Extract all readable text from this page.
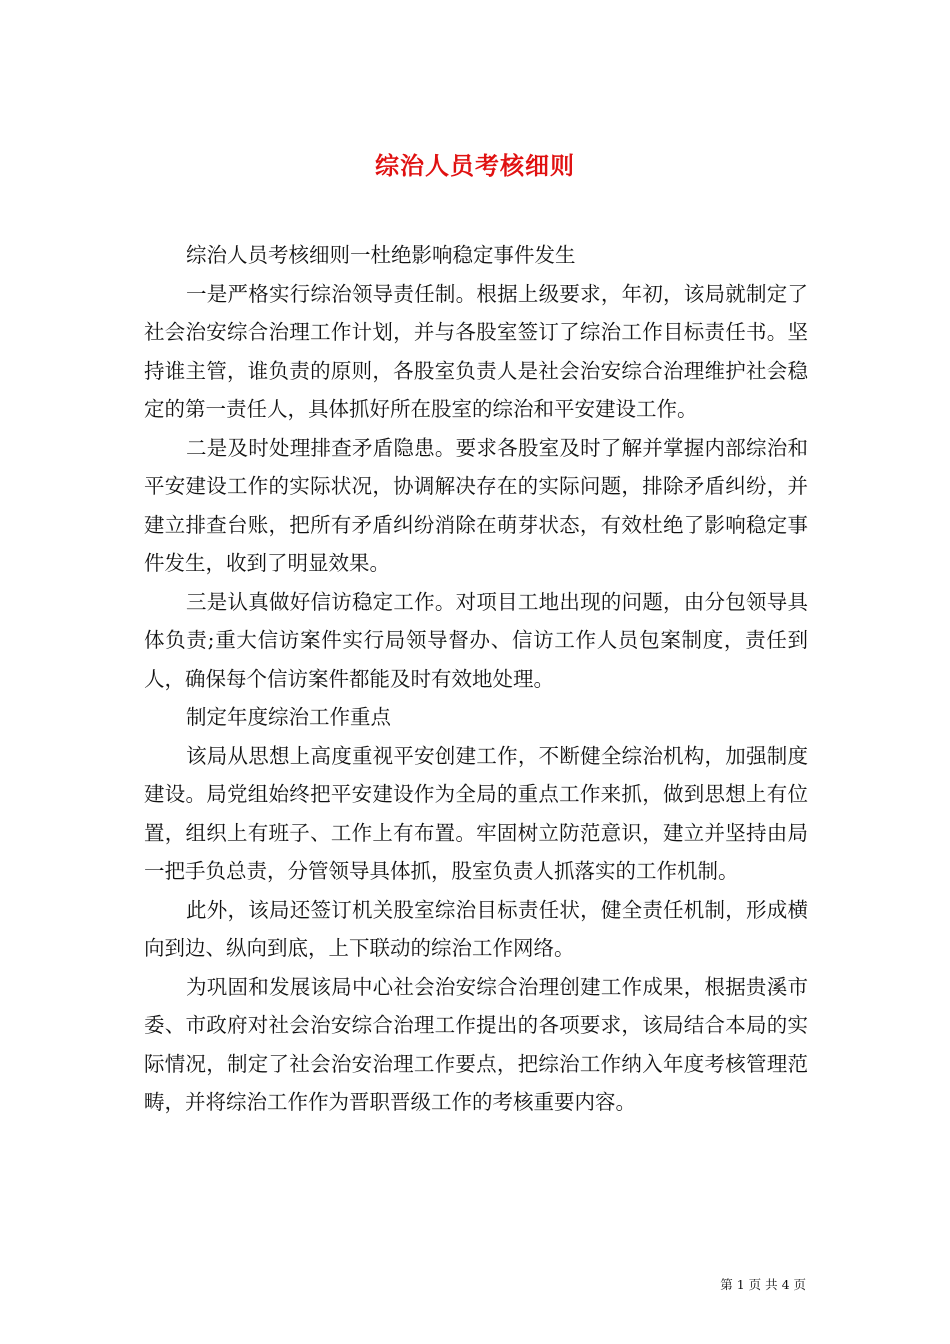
综治人员考核细则

综治人员考核细则一杜绝影响稳定事件发生

一是严格实行综治领导责任制。根据上级要求，年初，该局就制定了社会治安综合治理工作计划，并与各股室签订了综治工作目标责任书。坚持谁主管，谁负责的原则，各股室负责人是社会治安综合治理维护社会稳定的第一责任人，具体抓好所在股室的综治和平安建设工作。

二是及时处理排查矛盾隐患。要求各股室及时了解并掌握内部综治和平安建设工作的实际状况，协调解决存在的实际问题，排除矛盾纠纷，并建立排查台账，把所有矛盾纠纷消除在萌芽状态，有效杜绝了影响稳定事件发生，收到了明显效果。

三是认真做好信访稳定工作。对项目工地出现的问题，由分包领导具体负责;重大信访案件实行局领导督办、信访工作人员包案制度，责任到人，确保每个信访案件都能及时有效地处理。

制定年度综治工作重点

该局从思想上高度重视平安创建工作，不断健全综治机构，加强制度建设。局党组始终把平安建设作为全局的重点工作来抓，做到思想上有位置，组织上有班子、工作上有布置。牢固树立防范意识，建立并坚持由局一把手负总责，分管领导具体抓，股室负责人抓落实的工作机制。

此外，该局还签订机关股室综治目标责任状，健全责任机制，形成横向到边、纵向到底，上下联动的综治工作网络。

为巩固和发展该局中心社会治安综合治理创建工作成果，根据贵溪市委、市政府对社会治安综合治理工作提出的各项要求，该局结合本局的实际情况，制定了社会治安治理工作要点，把综治工作纳入年度考核管理范畴，并将综治工作作为晋职晋级工作的考核重要内容。

第 1 页 共 4 页
